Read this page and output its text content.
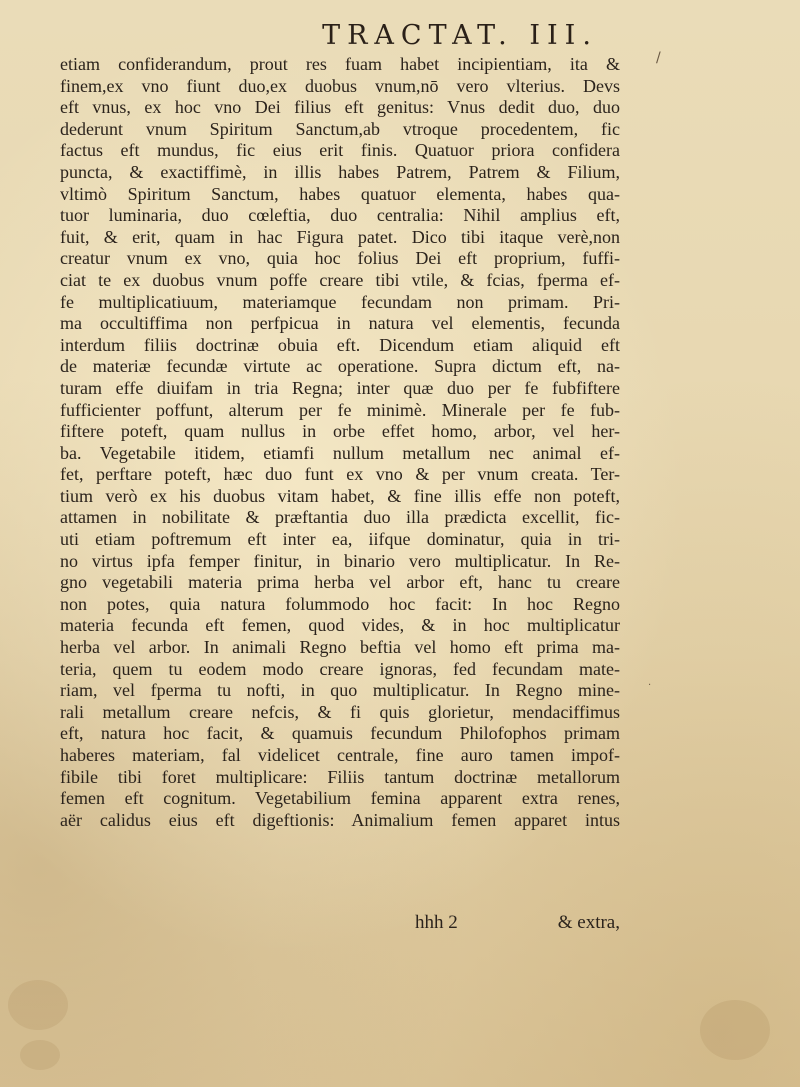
TRACTAT. III.
etiam confiderandum, prout res fuam habet incipientiam, ita &
finem,ex vno fiunt duo,ex duobus vnum,nō vero vlterius. Devs
eft vnus, ex hoc vno Dei filius eft genitus: Vnus dedit duo, duo
dederunt vnum Spiritum Sanctum,ab vtroque procedentem, fic
factus eft mundus, fic eius erit finis. Quatuor priora confidera
puncta, & exactiffimè, in illis habes Patrem, Patrem & Filium,
vltimò Spiritum Sanctum, habes quatuor elementa, habes qua-
tuor luminaria, duo cœleftia, duo centralia: Nihil amplius eft,
fuit, & erit, quam in hac Figura patet. Dico tibi itaque verè,non
creatur vnum ex vno, quia hoc folius Dei eft proprium, fuffi-
ciat te ex duobus vnum poffe creare tibi vtile, & fcias, fperma ef-
fe multiplicatiuum, materiamque fecundam non primam. Pri-
ma occultiffima non perfpicua in natura vel elementis, fecunda
interdum filiis doctrinæ obuia eft. Dicendum etiam aliquid eft
de materiæ fecundæ virtute ac operatione. Supra dictum eft, na-
turam effe diuifam in tria Regna; inter quæ duo per fe fubfiftere
fufficienter poffunt, alterum per fe minimè. Minerale per fe fub-
fiftere poteft, quam nullus in orbe effet homo, arbor, vel her-
ba. Vegetabile itidem, etiamfi nullum metallum nec animal ef-
fet, perftare poteft, hæc duo funt ex vno & per vnum creata. Ter-
tium verò ex his duobus vitam habet, & fine illis effe non poteft,
attamen in nobilitate & præftantia duo illa prædicta excellit, fic-
uti etiam poftremum eft inter ea, iifque dominatur, quia in tri-
no virtus ipfa femper finitur, in binario vero multiplicatur. In Re-
gno vegetabili materia prima herba vel arbor eft, hanc tu creare
non potes, quia natura folummodo hoc facit: In hoc Regno
materia fecunda eft femen, quod vides, & in hoc multiplicatur
herba vel arbor. In animali Regno beftia vel homo eft prima ma-
teria, quem tu eodem modo creare ignoras, fed fecundam mate-
riam, vel fperma tu nofti, in quo multiplicatur. In Regno mine-
rali metallum creare nefcis, & fi quis glorietur, mendaciffimus
eft, natura hoc facit, & quamuis fecundum Philofophos primam
haberes materiam, fal videlicet centrale, fine auro tamen impof-
fibile tibi foret multiplicare: Filiis tantum doctrinæ metallorum
femen eft cognitum. Vegetabilium femina apparent extra renes,
aër calidus eius eft digeftionis: Animalium femen apparet intus
hhh 2	& extra,
/
·
